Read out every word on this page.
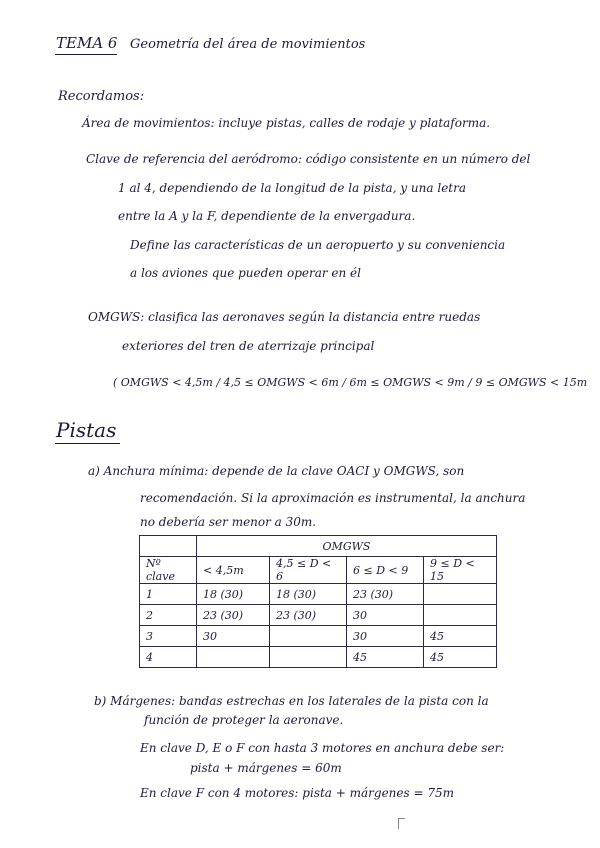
TEMA 6 Geometría del área de movimientos
Recordamos:
Área de movimientos: incluye pistas, calles de rodaje y plataforma.
Clave de referencia del aeródromo: código consistente en un número del
1 al 4, dependiendo de la longitud de la pista, y una letra
entre la A y la F, dependiente de la envergadura.
Define las características de un aeropuerto y su conveniencia
a los aviones que pueden operar en él
OMGWS: clasifica las aeronaves según la distancia entre ruedas
exteriores del tren de aterrizaje principal
( OMGWS < 4,5m / 4,5 ≤ OMGWS < 6m / 6m ≤ OMGWS < 9m / 9 ≤ OMGWS < 15m
Pistas
a) Anchura mínima: depende de la clave OACI y OMGWS, son
recomendación. Si la aproximación es instrumental, la anchura
no debería ser menor a 30m.
	OMGWS			
Nº clave	< 4,5m	4,5 ≤ D < 6	6 ≤ D < 9	9 ≤ D < 15
1	18 (30)	18 (30)	23 (30)	
2	23 (30)	23 (30)	30	
3	30		30	45
4			45	45
b) Márgenes: bandas estrechas en los laterales de la pista con la
función de proteger la aeronave.
En clave D, E o F con hasta 3 motores en anchura debe ser:
pista + márgenes = 60m
En clave F con 4 motores: pista + márgenes = 75m
